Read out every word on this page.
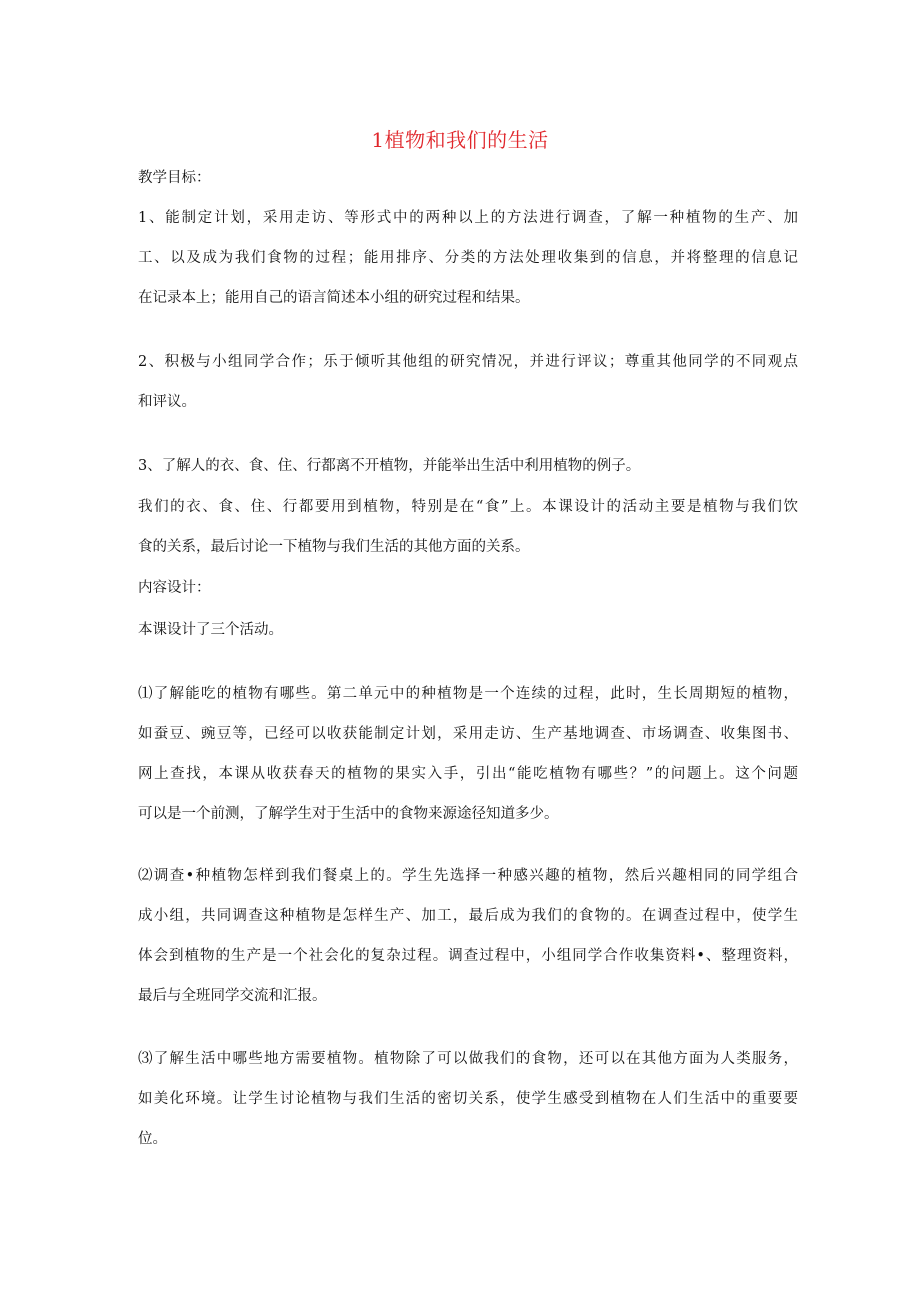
1植物和我们的生活
教学目标：
1、能制定计划，采用走访、等形式中的两种以上的方法进行调查，了解一种植物的生产、加
工、以及成为我们食物的过程；能用排序、分类的方法处理收集到的信息，并将整理的信息记
在记录本上；能用自己的语言简述本小组的研究过程和结果。
2、积极与小组同学合作；乐于倾听其他组的研究情况，并进行评议；尊重其他同学的不同观点
和评议。
3、了解人的衣、食、住、行都离不开植物，并能举出生活中利用植物的例子。
我们的衣、食、住、行都要用到植物，特别是在“食”上。本课设计的活动主要是植物与我们饮
食的关系，最后讨论一下植物与我们生活的其他方面的关系。
内容设计：
本课设计了三个活动。
⑴了解能吃的植物有哪些。第二单元中的种植物是一个连续的过程，此时，生长周期短的植物，
如蚕豆、豌豆等，已经可以收获能制定计划，采用走访、生产基地调查、市场调查、收集图书、
网上查找，本课从收获春天的植物的果实入手，引出“能吃植物有哪些？”的问题上。这个问题
可以是一个前测，了解学生对于生活中的食物来源途径知道多少。
⑵调查•种植物怎样到我们餐桌上的。学生先选择一种感兴趣的植物，然后兴趣相同的同学组合
成小组，共同调查这种植物是怎样生产、加工，最后成为我们的食物的。在调查过程中，使学生
体会到植物的生产是一个社会化的复杂过程。调查过程中，小组同学合作收集资料•、整理资料，
最后与全班同学交流和汇报。
⑶了解生活中哪些地方需要植物。植物除了可以做我们的食物，还可以在其他方面为人类服务，
如美化环境。让学生讨论植物与我们生活的密切关系，使学生感受到植物在人们生活中的重要要
位。
